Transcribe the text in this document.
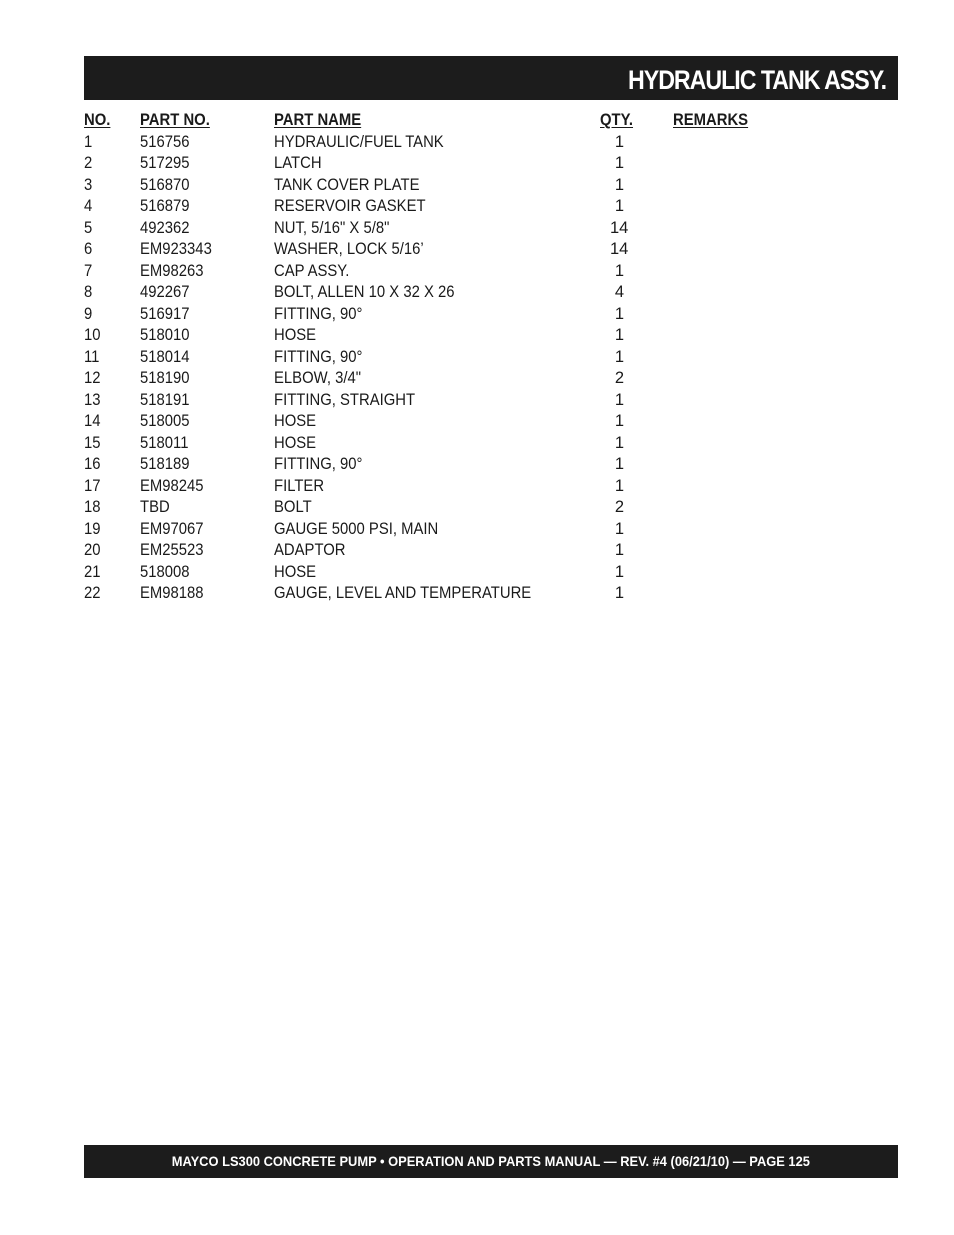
HYDRAULIC TANK ASSY.
NO. PART NO.	PART NAME	QTY. REMARKS
1	516756	HYDRAULIC/FUEL TANK	1
2	517295	LATCH	1
3	516870	TANK COVER PLATE	1
4	516879	RESERVOIR GASKET	1
5	492362	NUT, 5/16" X 5/8"	14
6	EM923343	WASHER, LOCK 5/16’	14
7	EM98263	CAP ASSY.	1
8	492267	BOLT, ALLEN 10 X 32 X 26	4
9	516917	FITTING, 90°	1
10 518010	HOSE	1
11 518014	FITTING, 90°	1
12 518190	ELBOW, 3/4"	2
13 518191	FITTING, STRAIGHT	1
14 518005	HOSE	1
15 518011	HOSE	1
16 518189	FITTING, 90°	1
17 EM98245	FILTER	1
18 TBD	BOLT	2
19 EM97067	GAUGE 5000 PSI, MAIN	1
20 EM25523	ADAPTOR	1
21 518008	HOSE	1
22 EM98188	GAUGE, LEVEL AND TEMPERATURE	1
MAYCO LS300 CONCRETE PUMP • OPERATION AND PARTS MANUAL — REV. #4 (06/21/10) — PAGE 125
